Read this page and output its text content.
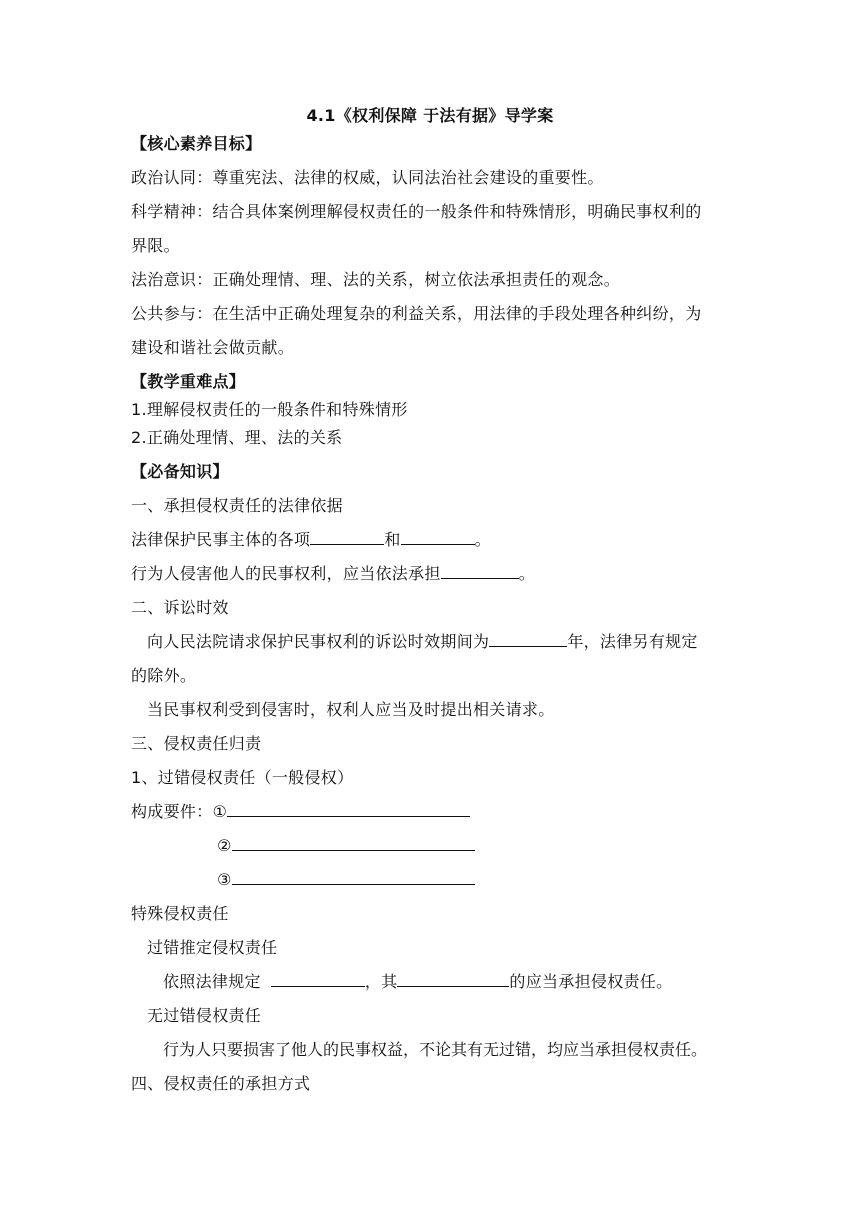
4.1《权利保障 于法有据》导学案
【核心素养目标】
政治认同：尊重宪法、法律的权威，认同法治社会建设的重要性。
科学精神：结合具体案例理解侵权责任的一般条件和特殊情形，明确民事权利的
界限。
法治意识：正确处理情、理、法的关系，树立依法承担责任的观念。
公共参与：在生活中正确处理复杂的利益关系，用法律的手段处理各种纠纷，为
建设和谐社会做贡献。
【教学重难点】
1.理解侵权责任的一般条件和特殊情形
2.正确处理情、理、法的关系
【必备知识】
一、承担侵权责任的法律依据
法律保护民事主体的各项	和	。
行为人侵害他人的民事权利，应当依法承担	。
二、诉讼时效
向人民法院请求保护民事权利的诉讼时效期间为	年，法律另有规定
的除外。
当民事权利受到侵害时，权利人应当及时提出相关请求。
三、侵权责任归责
1、过错侵权责任（一般侵权）
构成要件：①
②
③
特殊侵权责任
过错推定侵权责任
依照法律规定	，其	的应当承担侵权责任。
无过错侵权责任
行为人只要损害了他人的民事权益，不论其有无过错，均应当承担侵权责任。
四、侵权责任的承担方式
